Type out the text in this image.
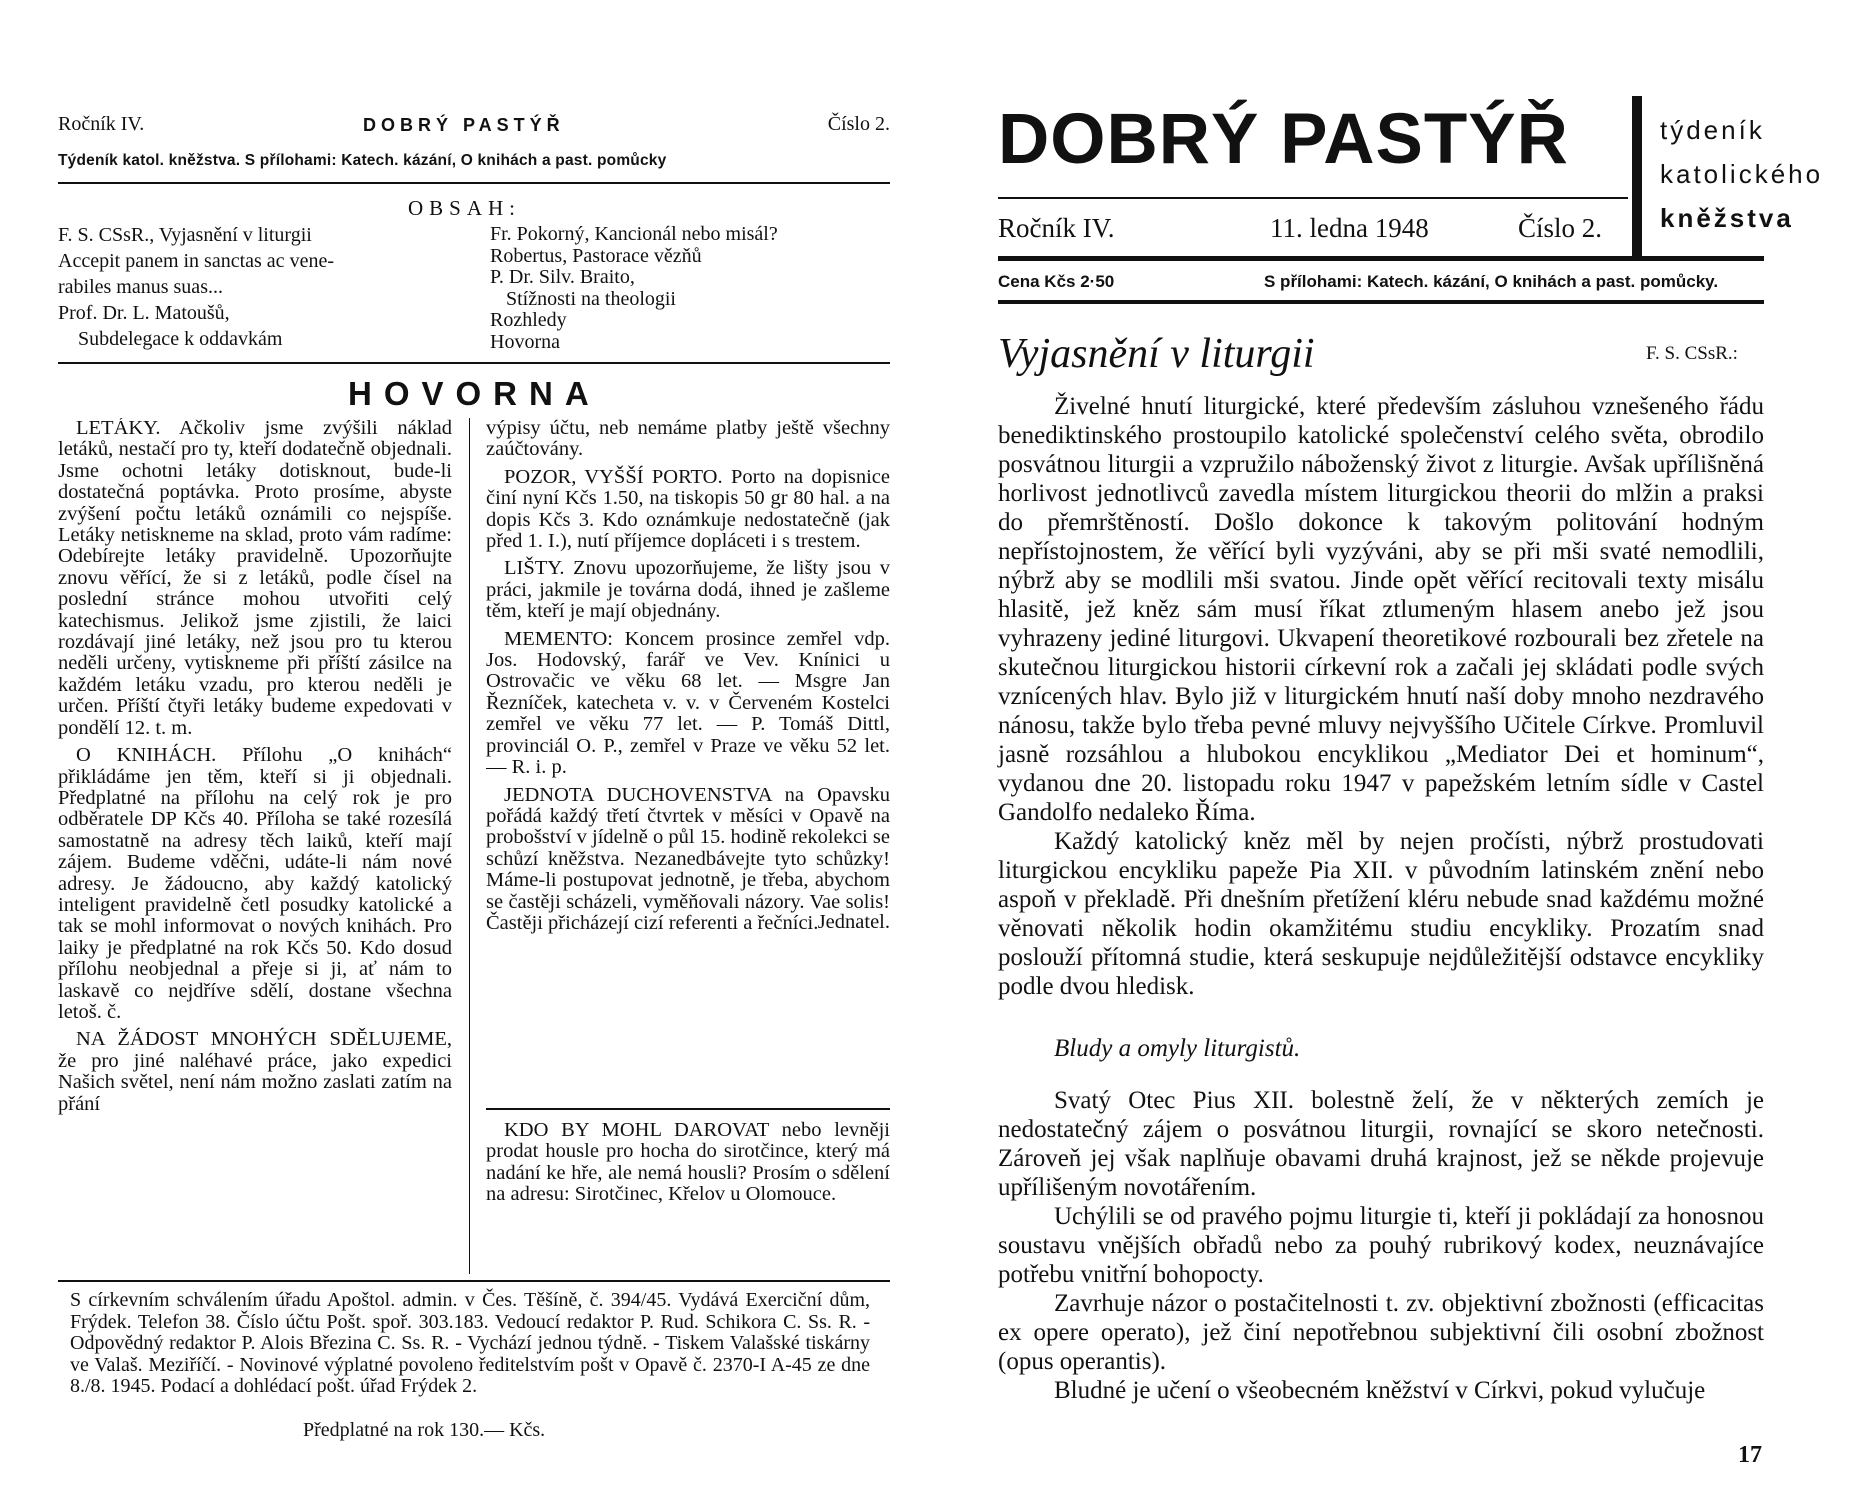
Ročník IV.	DOBRÝ PASTÝŘ	Číslo 2.
Týdeník katol. kněžstva. S přílohami: Katech. kázání, O knihách a past. pomůcky
OBSAH:
F. S. CSsR., Vyjasnění v liturgii
Accepit panem in sanctas ac vene-
rabiles manus suas...
Prof. Dr. L. Matoušů,
Subdelegace k oddavkám
Fr. Pokorný, Kancionál nebo misál?
Robertus, Pastorace vězňů
P. Dr. Silv. Braito,
Stížnosti na theologii
Rozhledy
Hovorna
HOVORNA

LETÁKY. Ačkoliv jsme zvýšili náklad letáků, nestačí pro ty, kteří dodatečně objednali. Jsme ochotni letáky dotisknout, bude-li dostatečná poptávka. Proto prosíme, abyste zvýšení počtu letáků oznámili co nejspíše. Letáky netiskneme na sklad, proto vám radíme: Odebírejte letáky pravidelně. Upozorňujte znovu věřící, že si z letáků, podle čísel na poslední stránce mohou utvořiti celý katechismus. Jelikož jsme zjistili, že laici rozdávají jiné letáky, než jsou pro tu kterou neděli určeny, vytiskneme při příští zásilce na každém letáku vzadu, pro kterou neděli je určen. Příští čtyři letáky budeme expedovati v pondělí 12. t. m.

O KNIHÁCH. Přílohu „O knihách“ přikládáme jen těm, kteří si ji objednali. Předplatné na přílohu na celý rok je pro odběratele DP Kčs 40. Příloha se také rozesílá samostatně na adresy těch laiků, kteří mají zájem. Budeme vděčni, udáte-li nám nové adresy. Je žádoucno, aby každý katolický inteligent pravidelně četl posudky katolické a tak se mohl informovat o nových knihách. Pro laiky je předplatné na rok Kčs 50. Kdo dosud přílohu neobjednal a přeje si ji, ať nám to laskavě co nejdříve sdělí, dostane všechna letoš. č.

NA ŽÁDOST MNOHÝCH SDĚLUJEME, že pro jiné naléhavé práce, jako expedici Našich světel, není nám možno zaslati zatím na přání

výpisy účtu, neb nemáme platby ještě všechny zaúčtovány.

POZOR, VYŠŠÍ PORTO. Porto na dopisnice činí nyní Kčs 1.50, na tiskopis 50 gr 80 hal. a na dopis Kčs 3. Kdo oznámkuje nedostatečně (jak před 1. I.), nutí příjemce dopláceti i s trestem.

LIŠTY. Znovu upozorňujeme, že lišty jsou v práci, jakmile je továrna dodá, ihned je zašleme těm, kteří je mají objednány.

MEMENTO: Koncem prosince zemřel vdp. Jos. Hodovský, farář ve Vev. Knínici u Ostrovačic ve věku 68 let. — Msgre Jan Řezníček, katecheta v. v. v Červeném Kostelci zemřel ve věku 77 let. — P. Tomáš Dittl, provinciál O. P., zemřel v Praze ve věku 52 let. — R. i. p.

JEDNOTA DUCHOVENSTVA na Opavsku pořádá každý třetí čtvrtek v měsíci v Opavě na probošství v jídelně o půl 15. hodině rekolekci se schůzí kněžstva. Nezanedbávejte tyto schůzky! Máme-li postupovat jednotně, je třeba, abychom se častěji scházeli, vyměňovali názory. Vae solis! Častěji přicházejí cizí referenti a řečníci. Jednatel.

KDO BY MOHL DAROVAT nebo levněji prodat housle pro hocha do sirotčince, který má nadání ke hře, ale nemá housli? Prosím o sdělení na adresu: Sirotčinec, Křelov u Olomouce.

S církevním schválením úřadu Apoštol. admin. v Čes. Těšíně, č. 394/45. Vydává Exerciční dům, Frýdek. Telefon 38. Číslo účtu Pošt. spoř. 303.183. Vedoucí redaktor P. Rud. Schikora C. Ss. R. - Odpovědný redaktor P. Alois Březina C. Ss. R. - Vychází jednou týdně. - Tiskem Valašské tiskárny ve Valaš. Meziříčí. - Novinové výplatné povoleno ředitelstvím pošt v Opavě č. 2370-I A-45 ze dne 8./8. 1945. Podací a dohlédací pošt. úřad Frýdek 2.
Předplatné na rok 130.— Kčs.
DOBRÝ PASTÝŘ	týdeník
katolického
kněžstva
Ročník IV.	11. ledna 1948	Číslo 2.
Cena Kčs 2·50	S přílohami: Katech. kázání, O knihách a past. pomůcky.
Vyjasnění v liturgii	F. S. CSsR.:

Živelné hnutí liturgické, které především zásluhou vznešeného řádu benediktinského prostoupilo katolické společenství celého světa, obrodilo posvátnou liturgii a vzpružilo náboženský život z liturgie. Avšak upřílišněná horlivost jednotlivců zavedla místem liturgickou theorii do mlžin a praksi do přemrštěností. Došlo dokonce k takovým politování hodným nepřístojnostem, že věřící byli vyzýváni, aby se při mši svaté nemodlili, nýbrž aby se modlili mši svatou. Jinde opět věřící recitovali texty misálu hlasitě, jež kněz sám musí říkat ztlumeným hlasem anebo jež jsou vyhrazeny jediné liturgovi. Ukvapení theoretikové rozbourali bez zřetele na skutečnou liturgickou historii církevní rok a začali jej skládati podle svých vznícených hlav. Bylo již v liturgickém hnutí naší doby mnoho nezdravého nánosu, takže bylo třeba pevné mluvy nejvyššího Učitele Církve. Promluvil jasně rozsáhlou a hlubokou encyklikou „Mediator Dei et hominum“, vydanou dne 20. listopadu roku 1947 v papežském letním sídle v Castel Gandolfo nedaleko Říma.

Každý katolický kněz měl by nejen pročísti, nýbrž prostudovati liturgickou encykliku papeže Pia XII. v původním latinském znění nebo aspoň v překladě. Při dnešním přetížení kléru nebude snad každému možné věnovati několik hodin okamžitému studiu encykliky. Prozatím snad poslouží přítomná studie, která seskupuje nejdůležitější odstavce encykliky podle dvou hledisk.

Bludy a omyly liturgistů.

Svatý Otec Pius XII. bolestně želí, že v některých zemích je nedostatečný zájem o posvátnou liturgii, rovnající se skoro netečnosti. Zároveň jej však naplňuje obavami druhá krajnost, jež se někde projevuje upřílišeným novotářením.

Uchýlili se od pravého pojmu liturgie ti, kteří ji pokládají za honosnou soustavu vnějších obřadů nebo za pouhý rubrikový kodex, neuznávajíce potřebu vnitřní bohopocty.

Zavrhuje názor o postačitelnosti t. zv. objektivní zbožnosti (efficacitas ex opere operato), jež činí nepotřebnou subjektivní čili osobní zbožnost (opus operantis).

Bludné je učení o všeobecném kněžství v Církvi, pokud vylučuje

17
